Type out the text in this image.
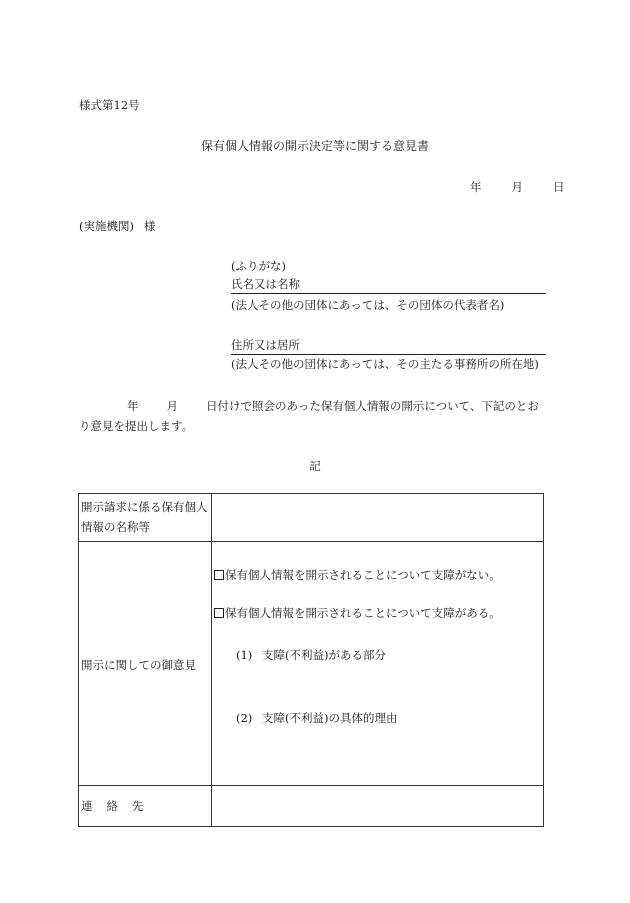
様式第12号
保有個人情報の開示決定等に関する意見書
年	月	日
(実施機関) 様
(ふりがな)
氏名又は名称
(法人その他の団体にあっては、その団体の代表者名)
住所又は居所
(法人その他の団体にあっては、その主たる事務所の所在地)
年 月 日付けで照会のあった保有個人情報の開示について、下記のとおり意見を提出します。
記
開示請求に係る保有個人情報の名称等	
開示に関しての御意見	保有個人情報を開示されることについて支障がない。
保有個人情報を開示されることについて支障がある。
(1) 支障(不利益)がある部分
(2) 支障(不利益)の具体的理由

連 絡 先	
